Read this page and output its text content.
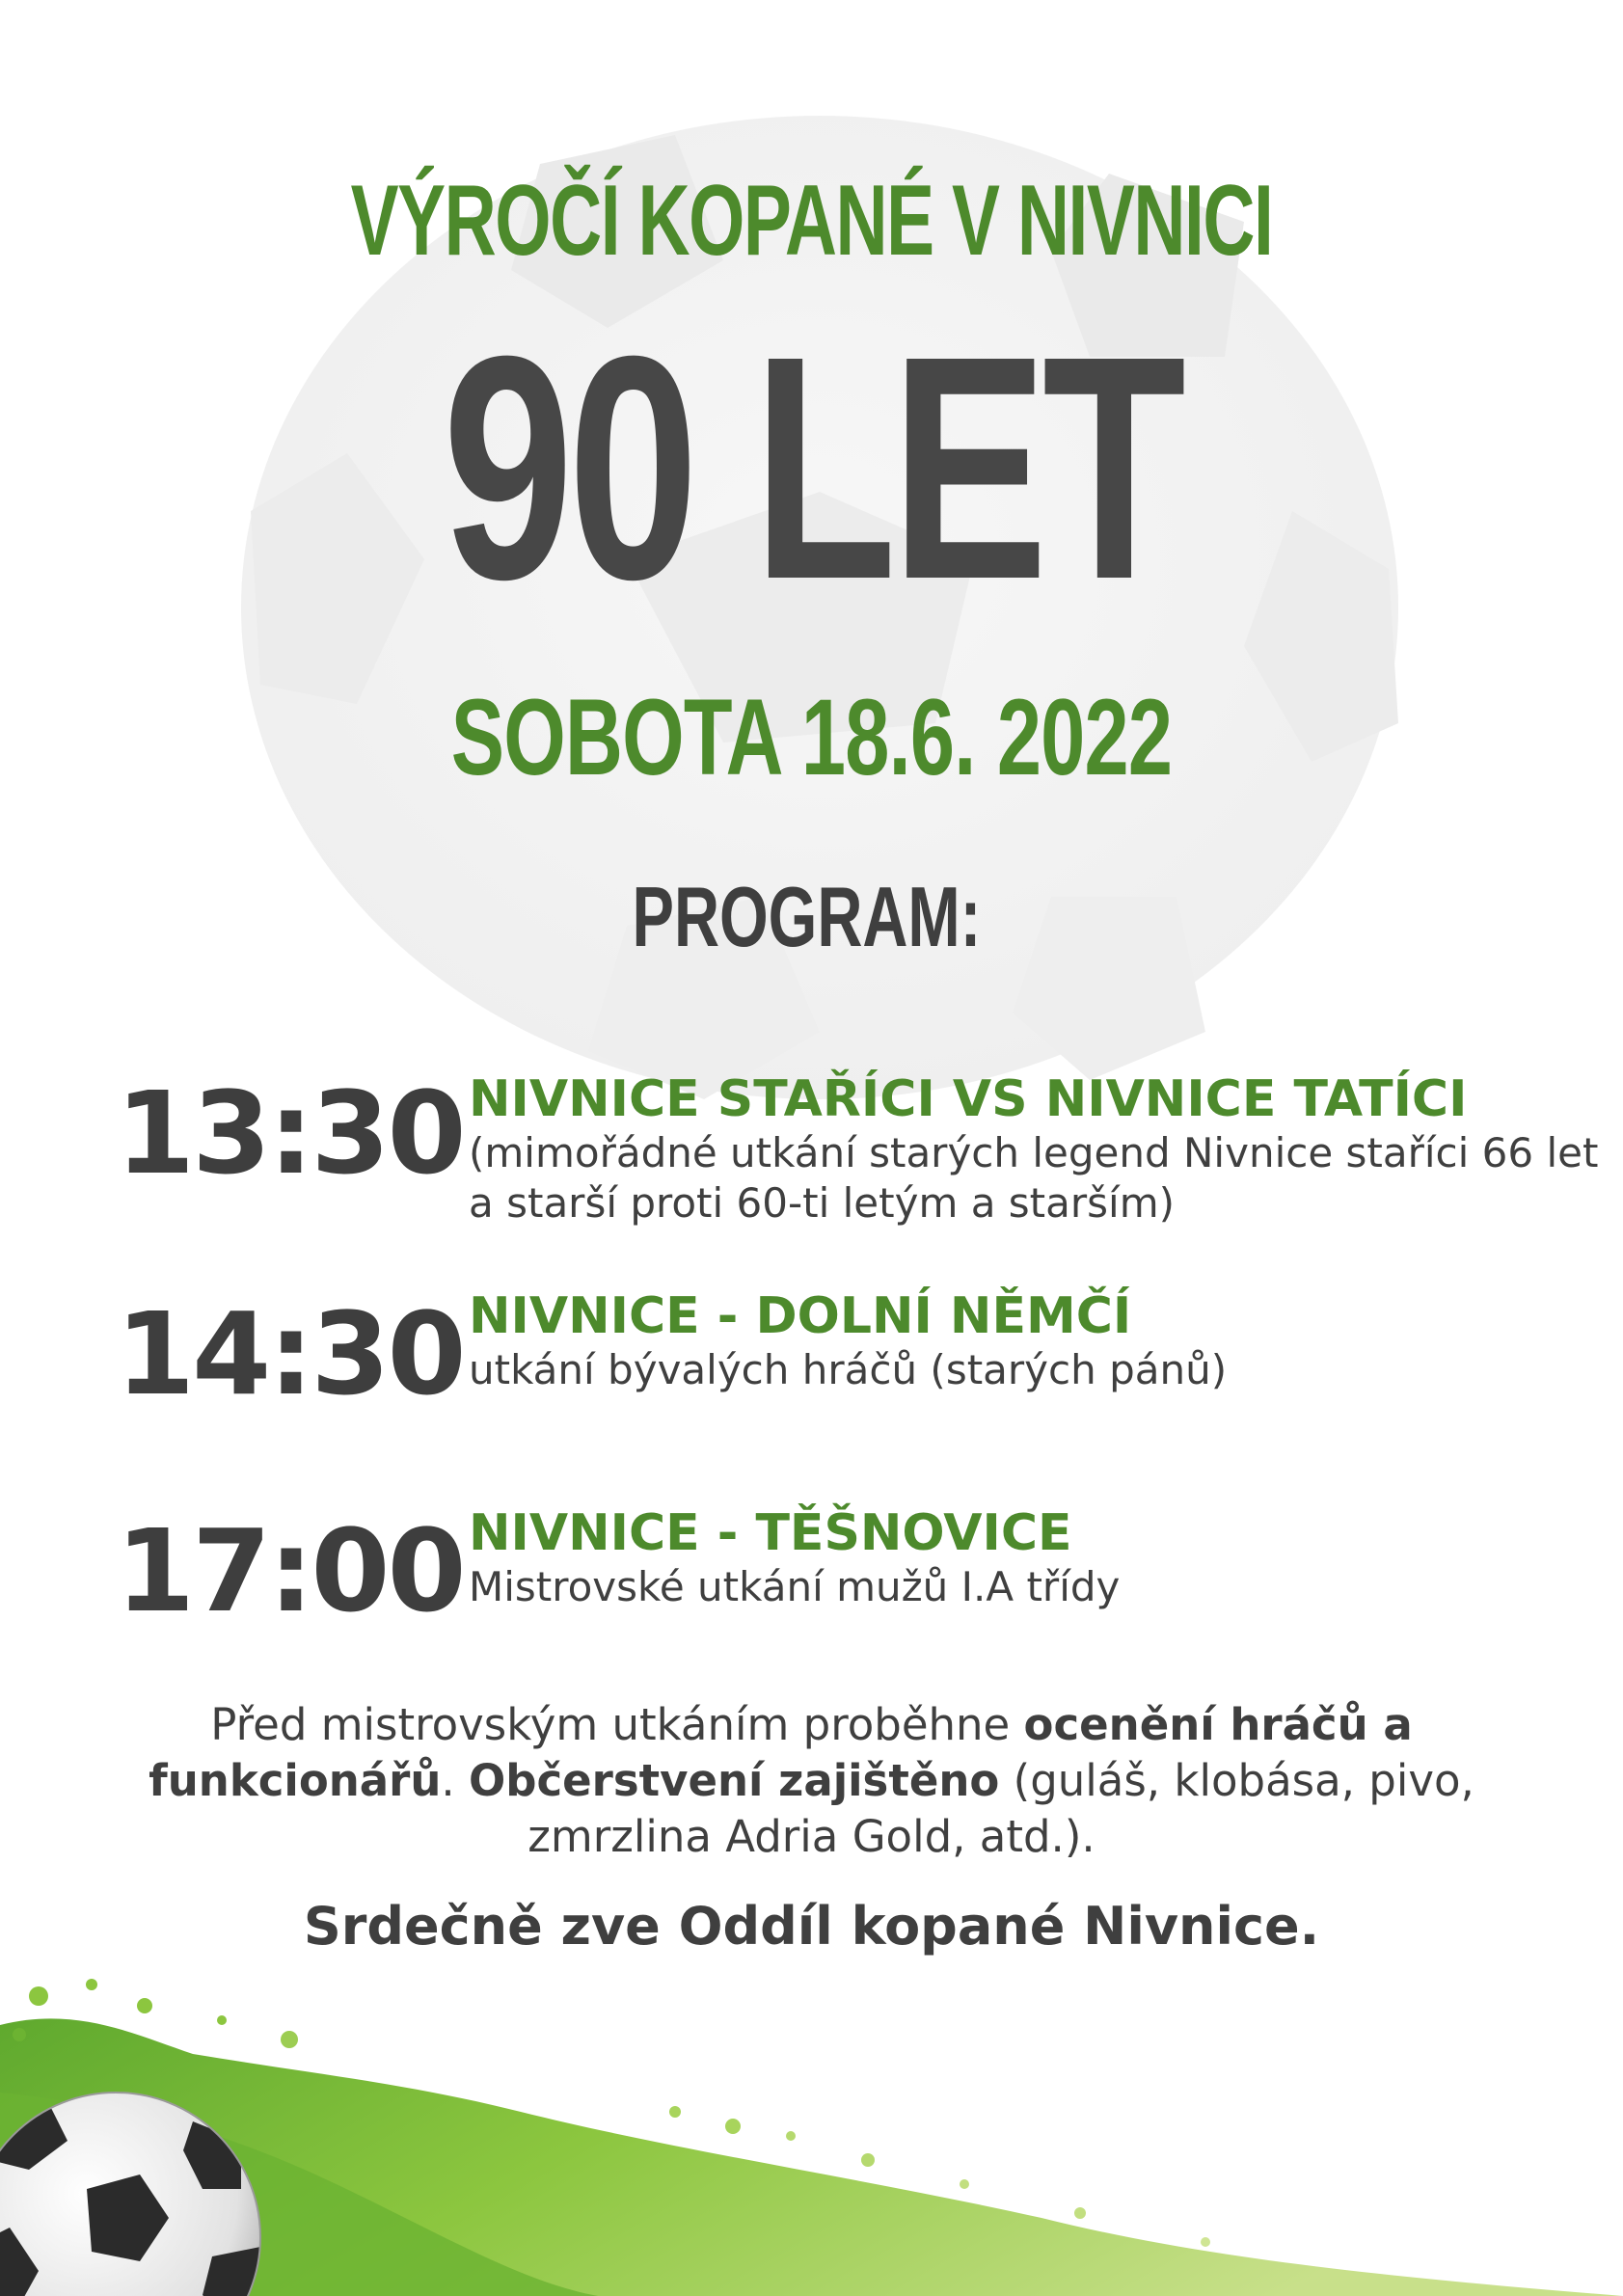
VÝROČÍ KOPANÉ V NIVNICI
90 LET
SOBOTA 18.6. 2022
PROGRAM:
13:30 NIVNICE STAŘÍCI VS NIVNICE TATÍCI
(mimořádné utkání starých legend Nivnice staříci 66 let a starší proti 60-ti letým a starším)
14:30 NIVNICE - DOLNÍ NĚMČÍ
utkání bývalých hráčů (starých pánů)
17:00 NIVNICE - TĚŠNOVICE
Mistrovské utkání mužů I.A třídy
Před mistrovským utkáním proběhne ocenění hráčů a funkcionářů. Občerstvení zajištěno (guláš, klobása, pivo, zmrzlina Adria Gold, atd.).
Srdečně zve Oddíl kopané Nivnice.
